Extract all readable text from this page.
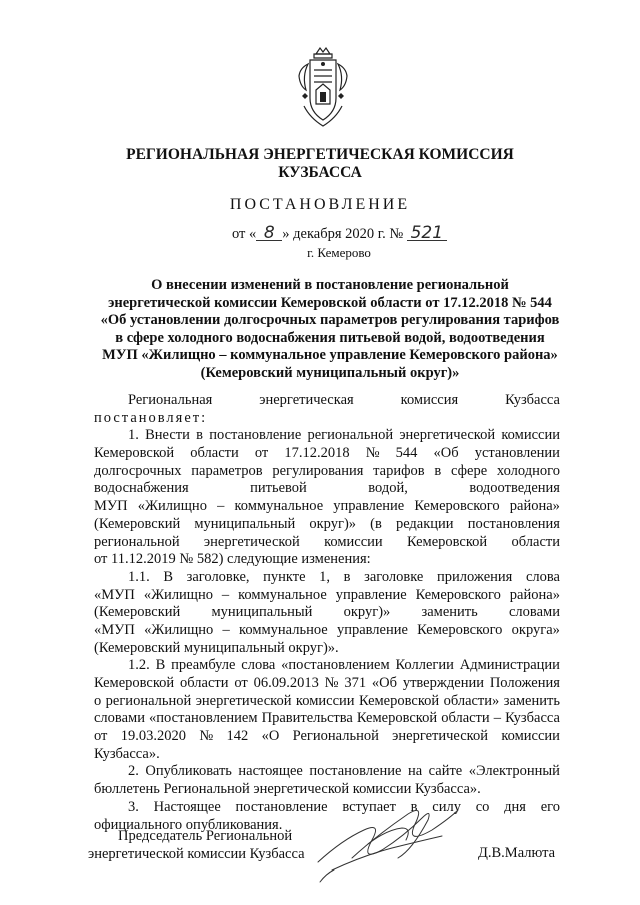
РЕГИОНАЛЬНАЯ ЭНЕРГЕТИЧЕСКАЯ КОМИССИЯ
КУЗБАССА
ПОСТАНОВЛЕНИЕ
от « 8 » декабря 2020 г. № 521
г. Кемерово
О внесении изменений в постановление региональной
энергетической комиссии Кемеровской области от 17.12.2018 № 544
«Об установлении долгосрочных параметров регулирования тарифов
в сфере холодного водоснабжения питьевой водой, водоотведения
МУП «Жилищно – коммунальное управление Кемеровского района»
(Кемеровский муниципальный округ)»
Региональная	энергетическая	комиссия	Кузбасса
постановляет:
1. Внести в постановление региональной энергетической комиссии
Кемеровской области от 17.12.2018 № 544 «Об установлении
долгосрочных параметров регулирования тарифов в сфере холодного
водоснабжения	питьевой	водой,	водоотведения
МУП «Жилищно – коммунальное управление Кемеровского района»
(Кемеровский муниципальный округ)» (в редакции постановления
региональной энергетической комиссии Кемеровской области
от 11.12.2019 № 582) следующие изменения:
1.1. В заголовке, пункте 1, в заголовке приложения слова
«МУП «Жилищно – коммунальное управление Кемеровского района»
(Кемеровский муниципальный округ)» заменить словами
«МУП «Жилищно – коммунальное управление Кемеровского округа»
(Кемеровский муниципальный округ)».
1.2. В преамбуле слова «постановлением Коллегии Администрации
Кемеровской области от 06.09.2013 № 371 «Об утверждении Положения
о региональной энергетической комиссии Кемеровской области» заменить
словами «постановлением Правительства Кемеровской области – Кузбасса
от 19.03.2020 № 142 «О Региональной энергетической комиссии
Кузбасса».
2. Опубликовать настоящее постановление на сайте «Электронный
бюллетень Региональной энергетической комиссии Кузбасса».
3. Настоящее постановление вступает в силу со дня его
официального опубликования.
Председатель Региональной
энергетической комиссии Кузбасса	Д.В.Малюта
